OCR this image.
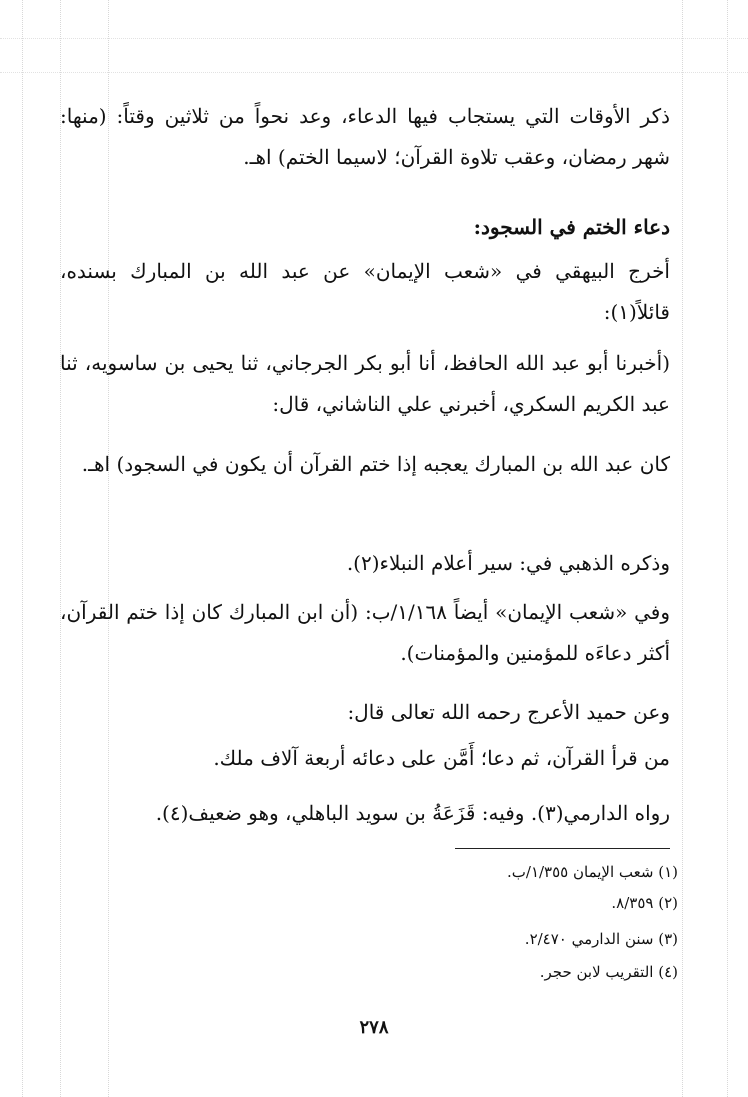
ذكر الأوقات التي يستجاب فيها الدعاء، وعد نحواً من ثلاثين وقتاً: (منها: شهر رمضان، وعقب تلاوة القرآن؛ لاسيما الختم) اهـ.

دعاء الختم في السجود:

أخرج البيهقي في «شعب الإيمان» عن عبد الله بن المبارك بسنده، قائلاً(١):

(أخبرنا أبو عبد الله الحافظ، أنا أبو بكر الجرجاني، ثنا يحيى بن ساسويه، ثنا عبد الكريم السكري، أخبرني علي الناشاني، قال:

كان عبد الله بن المبارك يعجبه إذا ختم القرآن أن يكون في السجود) اهـ.

وذكره الذهبي في: سير أعلام النبلاء(٢).

وفي «شعب الإيمان» أيضاً ١/١٦٨/ب: (أن ابن المبارك كان إذا ختم القرآن، أكثر دعاءَه للمؤمنين والمؤمنات).

وعن حميد الأعرج رحمه الله تعالى قال:

من قرأ القرآن، ثم دعا؛ أَمَّن على دعائه أربعة آلاف ملك.

رواه الدارمي(٣). وفيه: قَزَعَةُ بن سويد الباهلي، وهو ضعيف(٤).

(١) شعب الإيمان ١/٣٥٥/ب.

(٢) ٨/٣٥٩.

(٣) سنن الدارمي ٢/٤٧٠.

(٤) التقريب لابن حجر.

٢٧٨
